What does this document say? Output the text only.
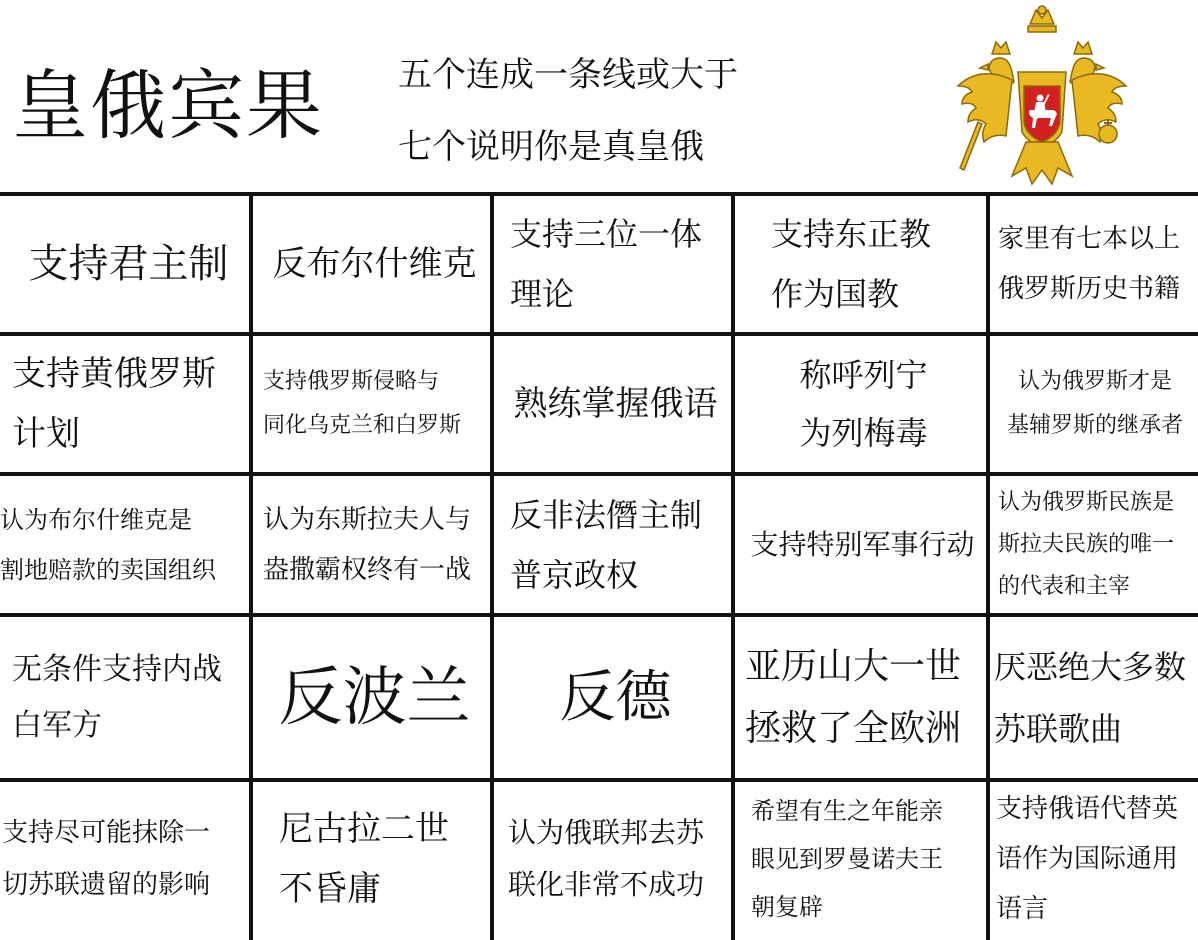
皇俄宾果 五个连成一条线或大于
七个说明你是真皇俄
支持君主制 反布尔什维克
支持三位一体
理论
支持东正教
作为国教
家里有七本以上
俄罗斯历史书籍
支持黄俄罗斯
计划
支持俄罗斯侵略与
同化乌克兰和白罗斯
熟练掌握俄语
称呼列宁
为列梅毒
认为俄罗斯才是
基辅罗斯的继承者
认为布尔什维克是
割地赔款的卖国组织
认为东斯拉夫人与
盎撒霸权终有一战
反非法僭主制
普京政权
支持特别军事行动
认为俄罗斯民族是
斯拉夫民族的唯一
的代表和主宰
无条件支持内战
白军方	反波兰 反德 亚历山大一世
拯救了全欧洲
厌恶绝大多数
苏联歌曲
支持尽可能抹除一
切苏联遗留的影响
尼古拉二世
不昏庸
认为俄联邦去苏
联化非常不成功
希望有生之年能亲
眼见到罗曼诺夫王
朝复辟
支持俄语代替英
语作为国际通用
语言
